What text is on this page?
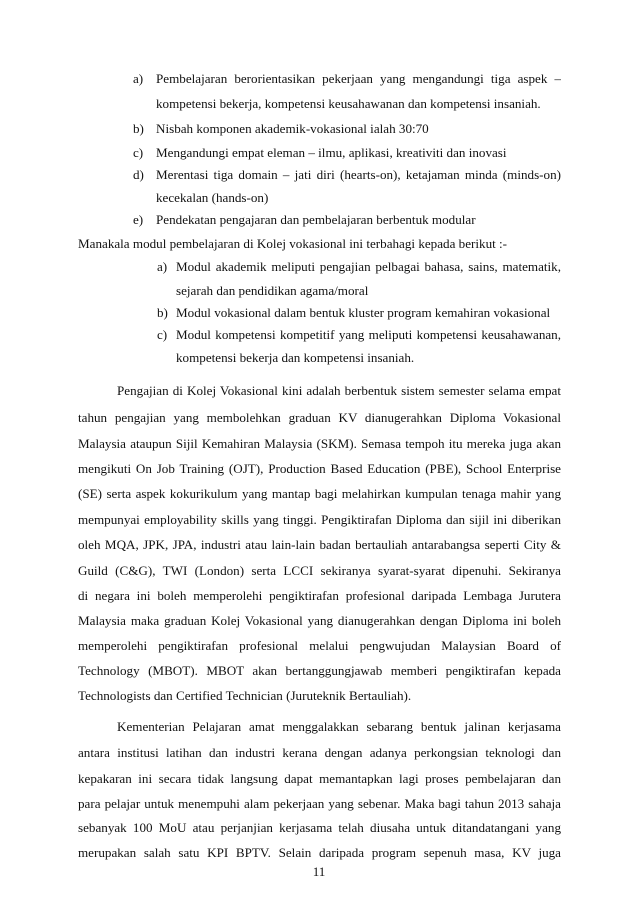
a) Pembelajaran berorientasikan pekerjaan yang mengandungi tiga aspek –
kompetensi bekerja, kompetensi keusahawanan dan kompetensi insaniah.
b) Nisbah komponen akademik-vokasional ialah 30:70
c) Mengandungi empat eleman – ilmu, aplikasi, kreativiti dan inovasi
d) Merentasi tiga domain – jati diri (hearts-on), ketajaman minda (minds-on)
kecekalan (hands-on)
e) Pendekatan pengajaran dan pembelajaran berbentuk modular
Manakala modul pembelajaran di Kolej vokasional ini terbahagi kepada berikut :-
a) Modul akademik meliputi pengajian pelbagai bahasa, sains, matematik,
sejarah dan pendidikan agama/moral
b) Modul vokasional dalam bentuk kluster program kemahiran vokasional
c) Modul kompetensi kompetitif yang meliputi kompetensi keusahawanan,
kompetensi bekerja dan kompetensi insaniah.
Pengajian di Kolej Vokasional kini adalah berbentuk sistem semester selama empat
tahun pengajian yang membolehkan graduan KV dianugerahkan Diploma Vokasional
Malaysia ataupun Sijil Kemahiran Malaysia (SKM). Semasa tempoh itu mereka juga akan
mengikuti On Job Training (OJT), Production Based Education (PBE), School Enterprise
(SE) serta aspek kokurikulum yang mantap bagi melahirkan kumpulan tenaga mahir yang
mempunyai employability skills yang tinggi. Pengiktirafan Diploma dan sijil ini diberikan
oleh MQA, JPK, JPA, industri atau lain-lain badan bertauliah antarabangsa seperti City &
Guild (C&G), TWI (London) serta LCCI sekiranya syarat-syarat dipenuhi. Sekiranya
di negara ini boleh memperolehi pengiktirafan profesional daripada Lembaga Jurutera
Malaysia maka graduan Kolej Vokasional yang dianugerahkan dengan Diploma ini boleh
memperolehi pengiktirafan profesional melalui pengwujudan Malaysian Board of
Technology (MBOT). MBOT akan bertanggungjawab memberi pengiktirafan kepada
Technologists dan Certified Technician (Juruteknik Bertauliah).
Kementerian Pelajaran amat menggalakkan sebarang bentuk jalinan kerjasama
antara institusi latihan dan industri kerana dengan adanya perkongsian teknologi dan
kepakaran ini secara tidak langsung dapat memantapkan lagi proses pembelajaran dan
para pelajar untuk menempuhi alam pekerjaan yang sebenar. Maka bagi tahun 2013 sahaja
sebanyak 100 MoU atau perjanjian kerjasama telah diusaha untuk ditandatangani yang
merupakan salah satu KPI BPTV. Selain daripada program sepenuh masa, KV juga
11
